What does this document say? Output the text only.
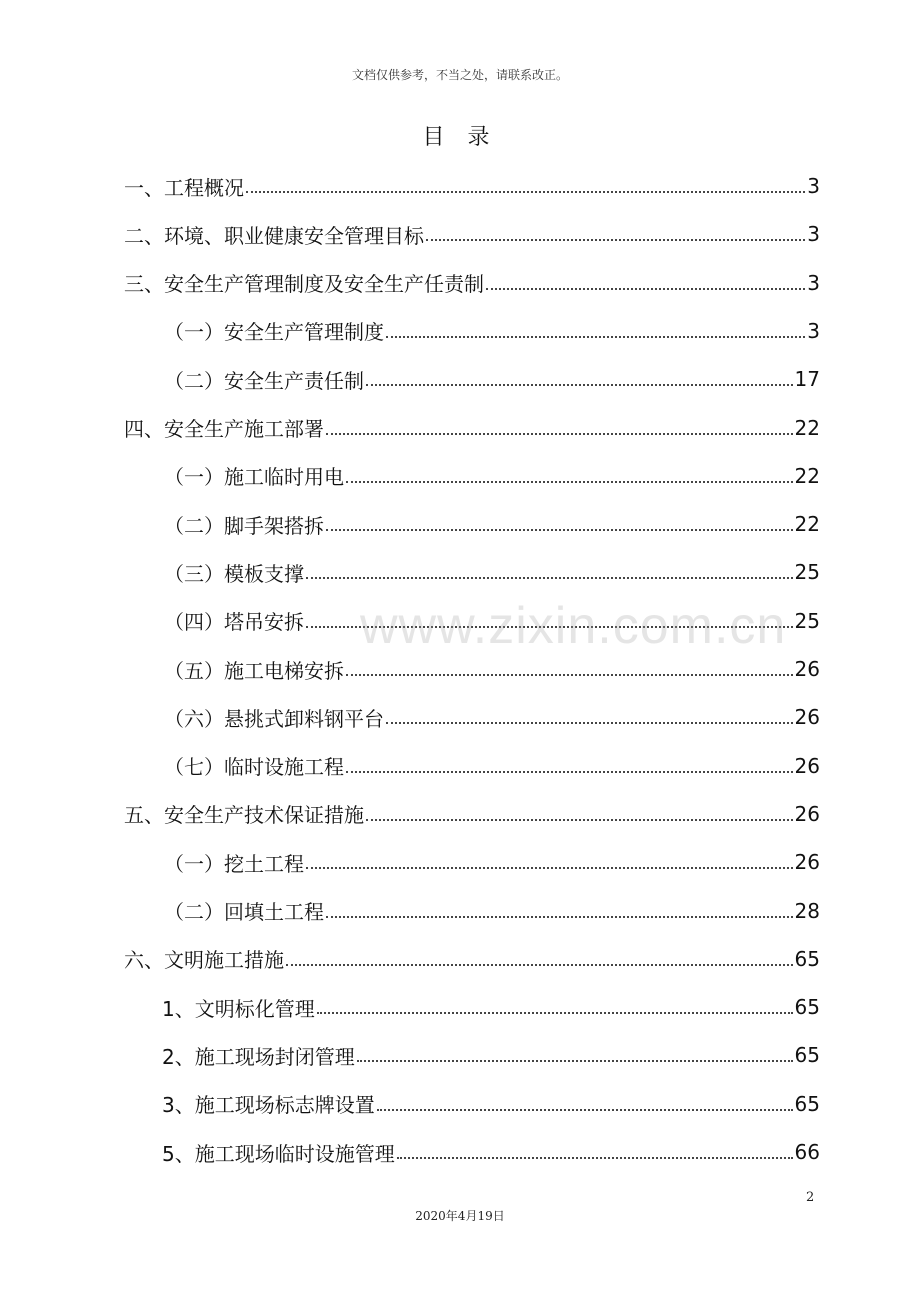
文档仅供参考，不当之处，请联系改正。
目 录
一、工程概况	3
二、环境、职业健康安全管理目标	3
三、安全生产管理制度及安全生产任责制	3
（一）安全生产管理制度	3
（二）安全生产责任制	17
四、安全生产施工部署	22
（一）施工临时用电	22
（二）脚手架搭拆	22
（三）模板支撑	25
（四）塔吊安拆	25
（五）施工电梯安拆	26
（六）悬挑式卸料钢平台	26
（七）临时设施工程	26
五、安全生产技术保证措施	26
（一）挖土工程	26
（二）回填土工程	28
六、文明施工措施	65
1、文明标化管理	65
2、施工现场封闭管理	65
3、施工现场标志牌设置	65
5、施工现场临时设施管理	66
www.zixin.com.cn
2
2020年4月19日
